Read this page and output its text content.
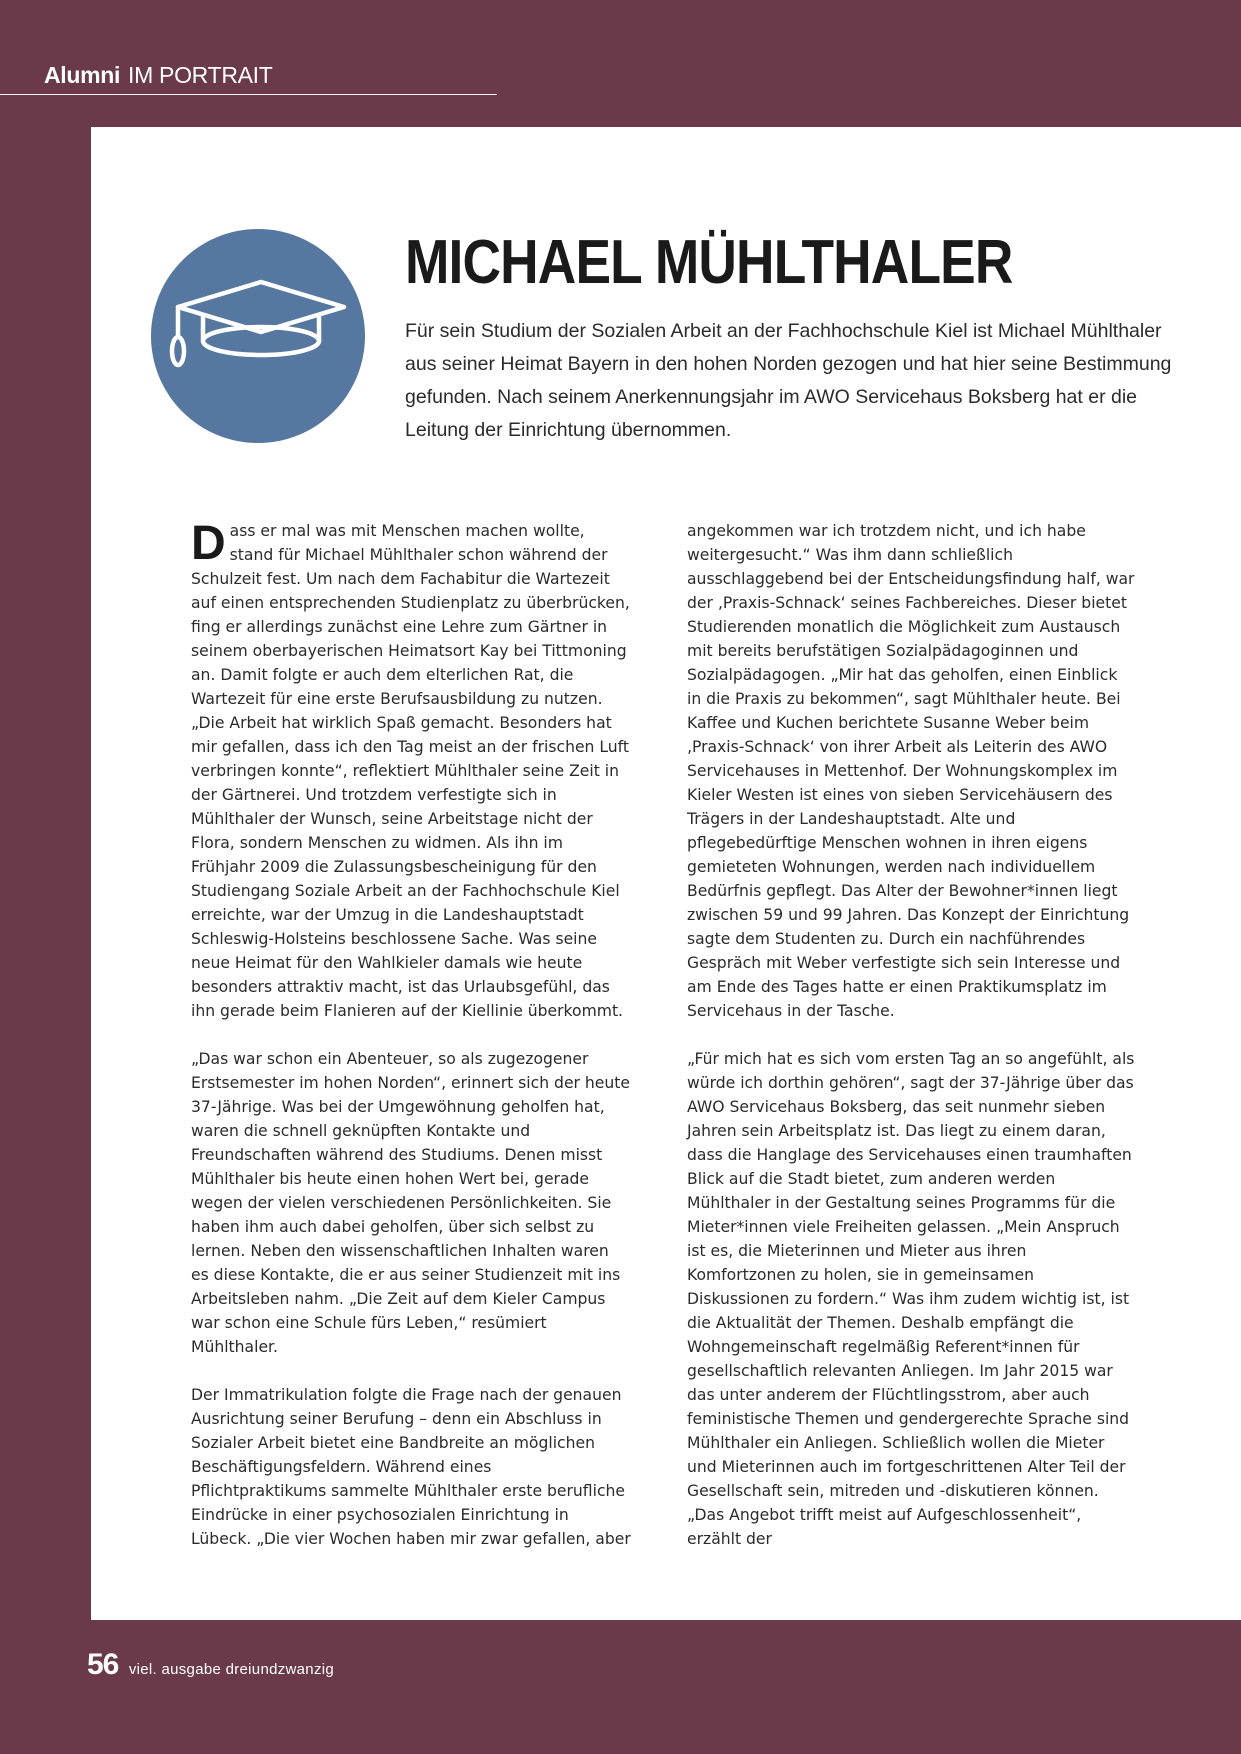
Alumni IM PORTRAIT
MICHAEL MÜHLTHALER

Für sein Studium der Sozialen Arbeit an der Fachhochschule Kiel ist Michael Mühlthaler aus seiner Heimat Bayern in den hohen Norden gezogen und hat hier seine Bestimmung gefunden. Nach seinem Anerkennungsjahr im AWO Servicehaus Boksberg hat er die Leitung der Einrichtung übernommen.

Dass er mal was mit Menschen machen wollte, stand für Michael Mühlthaler schon während der Schulzeit fest. Um nach dem Fachabitur die Wartezeit auf einen entsprechenden Studienplatz zu überbrücken, fing er allerdings zunächst eine Lehre zum Gärtner in seinem oberbayerischen Heimatsort Kay bei Tittmoning an. Damit folgte er auch dem elterlichen Rat, die Wartezeit für eine erste Berufsausbildung zu nutzen. „Die Arbeit hat wirklich Spaß gemacht. Besonders hat mir gefallen, dass ich den Tag meist an der frischen Luft verbringen konnte“, reflektiert Mühlthaler seine Zeit in der Gärtnerei. Und trotzdem verfestigte sich in Mühlthaler der Wunsch, seine Arbeitstage nicht der Flora, sondern Menschen zu widmen. Als ihn im Frühjahr 2009 die Zulassungsbescheinigung für den Studiengang Soziale Arbeit an der Fachhochschule Kiel erreichte, war der Umzug in die Landeshauptstadt Schleswig-Holsteins beschlossene Sache. Was seine neue Heimat für den Wahlkieler damals wie heute besonders attraktiv macht, ist das Urlaubsgefühl, das ihn gerade beim Flanieren auf der Kiellinie überkommt.

„Das war schon ein Abenteuer, so als zugezogener Erstsemester im hohen Norden“, erinnert sich der heute 37-Jährige. Was bei der Umgewöhnung geholfen hat, waren die schnell geknüpften Kontakte und Freundschaften während des Studiums. Denen misst Mühlthaler bis heute einen hohen Wert bei, gerade wegen der vielen verschiedenen Persönlichkeiten. Sie haben ihm auch dabei geholfen, über sich selbst zu lernen. Neben den wissenschaftlichen Inhalten waren es diese Kontakte, die er aus seiner Studienzeit mit ins Arbeitsleben nahm. „Die Zeit auf dem Kieler Campus war schon eine Schule fürs Leben,“ resümiert Mühlthaler.

Der Immatrikulation folgte die Frage nach der genauen Ausrichtung seiner Berufung – denn ein Abschluss in Sozialer Arbeit bietet eine Bandbreite an möglichen Beschäftigungsfeldern. Während eines Pflichtpraktikums sammelte Mühlthaler erste berufliche Eindrücke in einer psychosozialen Einrichtung in Lübeck. „Die vier Wochen haben mir zwar gefallen, aber

angekommen war ich trotzdem nicht, und ich habe weitergesucht.“ Was ihm dann schließlich ausschlaggebend bei der Entscheidungsfindung half, war der ‚Praxis-Schnack‘ seines Fachbereiches. Dieser bietet Studierenden monatlich die Möglichkeit zum Austausch mit bereits berufstätigen Sozialpädagoginnen und Sozialpädagogen. „Mir hat das geholfen, einen Einblick in die Praxis zu bekommen“, sagt Mühlthaler heute. Bei Kaffee und Kuchen berichtete Susanne Weber beim ‚Praxis-Schnack‘ von ihrer Arbeit als Leiterin des AWO Servicehauses in Mettenhof. Der Wohnungskomplex im Kieler Westen ist eines von sieben Servicehäusern des Trägers in der Landeshauptstadt. Alte und pflegebedürftige Menschen wohnen in ihren eigens gemieteten Wohnungen, werden nach individuellem Bedürfnis gepflegt. Das Alter der Bewohner*innen liegt zwischen 59 und 99 Jahren. Das Konzept der Einrichtung sagte dem Studenten zu. Durch ein nachführendes Gespräch mit Weber verfestigte sich sein Interesse und am Ende des Tages hatte er einen Praktikumsplatz im Servicehaus in der Tasche.

„Für mich hat es sich vom ersten Tag an so angefühlt, als würde ich dorthin gehören“, sagt der 37-Jährige über das AWO Servicehaus Boksberg, das seit nunmehr sieben Jahren sein Arbeitsplatz ist. Das liegt zu einem daran, dass die Hanglage des Servicehauses einen traumhaften Blick auf die Stadt bietet, zum anderen werden Mühlthaler in der Gestaltung seines Programms für die Mieter*innen viele Freiheiten gelassen. „Mein Anspruch ist es, die Mieterinnen und Mieter aus ihren Komfortzonen zu holen, sie in gemeinsamen Diskussionen zu fordern.“ Was ihm zudem wichtig ist, ist die Aktualität der Themen. Deshalb empfängt die Wohngemeinschaft regelmäßig Referent*innen für gesellschaftlich relevanten Anliegen. Im Jahr 2015 war das unter anderem der Flüchtlingsstrom, aber auch feministische Themen und gendergerechte Sprache sind Mühlthaler ein Anliegen. Schließlich wollen die Mieter und Mieterinnen auch im fortgeschrittenen Alter Teil der Gesellschaft sein, mitreden und -diskutieren können. „Das Angebot trifft meist auf Aufgeschlossenheit“, erzählt der

56 viel. ausgabe dreiundzwanzig
